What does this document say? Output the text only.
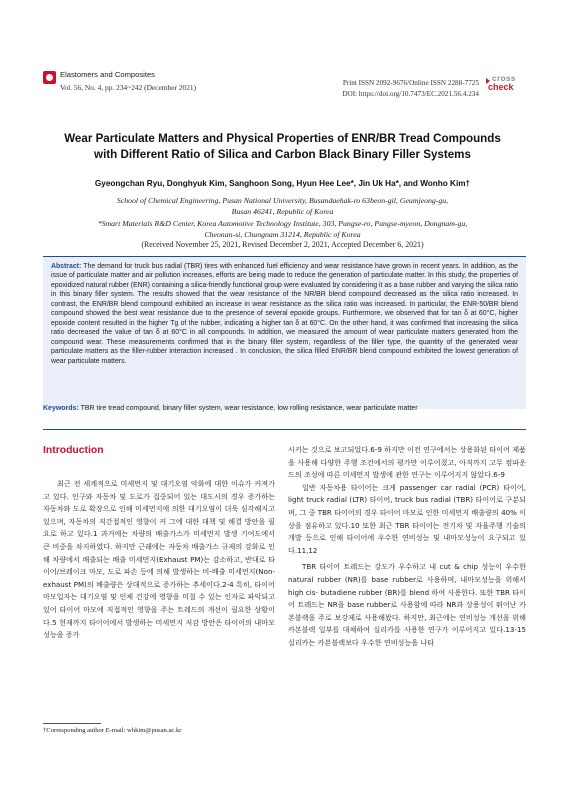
Elastomers and Composites
Vol. 56, No. 4, pp. 234~242 (December 2021)	Print ISSN 2092-9676/Online ISSN 2288-7725
DOI: https://doi.org/10.7473/EC.2021.56.4.234
cross
check
Wear Particulate Matters and Physical Properties of ENR/BR Tread Compounds
with Different Ratio of Silica and Carbon Black Binary Filler Systems
Gyeongchan Ryu, Donghyuk Kim, Sanghoon Song, Hyun Hee Lee*, Jin Uk Ha*, and Wonho Kim†
School of Chemical Engineering, Pusan National University, Busandaehak-ro 63beon-gil, Geumjeong-gu,
Busan 46241, Republic of Korea
*Smart Materials R&D Center, Korea Automotive Technology Institute, 303, Pungse-ro, Pungse-myeon, Dongnam-gu,
Cheonan-si, Chungnam 31214, Republic of Korea
(Received November 25, 2021, Revised December 2, 2021, Accepted December 6, 2021)
Abstract: The demand for truck bus radial (TBR) tires with enhanced fuel efficiency and wear resistance have grown in recent years. In addition, as the issue of particulate matter and air pollution increases, efforts are being made to reduce the generation of particulate matter. In this study, the properties of epoxidized natural rubber (ENR) containing a silica-friendly functional group were evaluated by considering it as a base rubber and varying the silica ratio in this binary filler system. The results showed that the wear resistance of the NR/BR blend compound decreased as the silica ratio increased. In contrast, the ENR/BR blend compound exhibited an increase in wear resistance as the silica ratio was increased. In particular, the ENR-50/BR blend compound showed the best wear resistance due to the presence of several epoxide groups. Furthermore, we observed that for tan δ at 60°C, higher epoxide content resulted in the higher Tg of the rubber, indicating a higher tan δ at 60°C. On the other hand, it was confirmed that increasing the silica ratio decreased the value of tan δ at 60°C in all compounds. In addition, we measured the amount of wear particulate matters generated from the compound wear. These measurements confirmed that in the binary filler system, regardless of the filler type, the quantity of the generated wear particulate matters as the filler-rubber interaction increased . In conclusion, the silica filled ENR/BR blend compound exhibited the lowest generation of wear particulate matters.
Keywords: TBR tire tread compound, binary filler system, wear resistance, low rolling resistance, wear particulate matter
Introduction

최근 전 세계적으로 미세먼지 및 대기오염 악화에 대한 이슈가 커져가고 있다. 인구와 자동차 및 도로가 집중되어 있는 대도시의 경우 증가하는 자동차와 도로 확장으로 인해 미세먼지에 의한 대기오염이 더욱 심각해지고 있으며, 자동차의 직간접적인 영향이 커 그에 대한 대책 및 해결 방안을 필요로 하고 있다.1 과거에는 차량의 배출가스가 미세먼지 발생 기여도에서 큰 비중을 차지하였다. 하지만 근래에는 자동차 배출가스 규제의 강화로 인해 차량에서 배출되는 배출 미세먼지(Exhaust PM)는 감소하고, 반대로 타이어/브레이크 마모, 도로 파손 등에 의해 발생하는 비-배출 미세먼지(Non-exhaust PM)의 배출량은 상대적으로 증가하는 추세이다.2-4 특히, 타이어 마모입자는 대기오염 및 인체 건강에 영향을 미칠 수 있는 인자로 파악되고 있어 타이어 마모에 직접적인 영향을 주는 트레드의 개선이 필요한 상황이다.5 현재까지 타이어에서 발생하는 미세먼지 저감 방안은 타이어의 내마모성능을 증가

시키는 것으로 보고되었다.6-9 하지만 이전 연구에서는 상용화된 타이어 제품을 사용해 다양한 주행 조건에서의 평가만 이루어졌고, 아직까지 고무 컴파운드의 조성에 따른 미세먼지 발생에 관한 연구는 이루어지지 않았다.6-9

일반 자동차용 타이어는 크게 passenger car radial (PCR) 타이어, light truck radial (LTR) 타이어, truck bus radial (TBR) 타이어로 구분되며, 그 중 TBR 타이어의 경우 타이어 마모로 인한 미세먼지 배출량의 40% 이상을 점유하고 있다.10 또한 최근 TBR 타이어는 전기차 및 자율주행 기술의 개발 등으로 인해 타이어에 우수한 연비성능 및 내마모성능이 요구되고 있다.11,12

TBR 타이어 트레드는 강도가 우수하고 내 cut & chip 성능이 우수한 natural rubber (NR)를 base rubber로 사용하며, 내마모성능을 위해서 high cis- butadiene rubber (BR)를 blend 하여 사용한다. 또한 TBR 타이어 트레드는 NR을 base rubber로 사용함에 따라 NR과 상용성이 뛰어난 카본블랙을 주로 보강제로 사용해왔다. 하지만, 최근에는 연비성능 개선을 위해 카본블랙 일부를 대체하여 실리카를 사용한 연구가 이루어지고 있다.13-15 실리카는 카본블랙보다 우수한 연비성능을 나타

†Corresponding author E-mail: whkim@pusan.ac.kr
